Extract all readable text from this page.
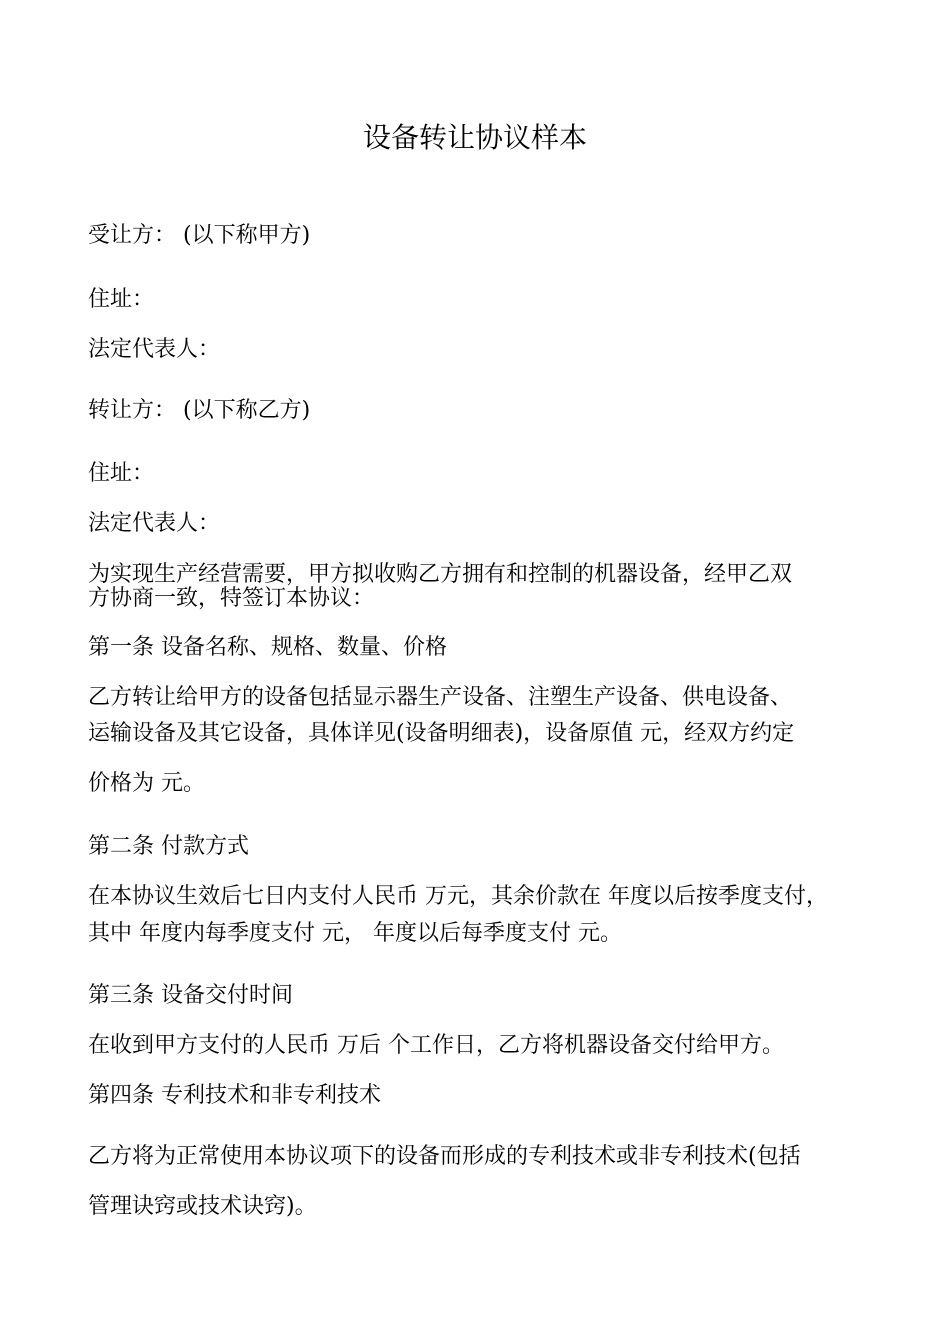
设备转让协议样本
受让方： (以下称甲方)
住址：
法定代表人：
转让方： (以下称乙方)
住址：
法定代表人：
为实现生产经营需要，甲方拟收购乙方拥有和控制的机器设备，经甲乙双
方协商一致，特签订本协议：
第一条 设备名称、规格、数量、价格
乙方转让给甲方的设备包括显示器生产设备、注塑生产设备、供电设备、
运输设备及其它设备，具体详见(设备明细表)，设备原值 元，经双方约定
价格为 元。
第二条 付款方式
在本协议生效后七日内支付人民币 万元，其余价款在 年度以后按季度支付，
其中 年度内每季度支付 元， 年度以后每季度支付 元。
第三条 设备交付时间
在收到甲方支付的人民币 万后 个工作日，乙方将机器设备交付给甲方。
第四条 专利技术和非专利技术
乙方将为正常使用本协议项下的设备而形成的专利技术或非专利技术(包括
管理诀窍或技术诀窍)。
